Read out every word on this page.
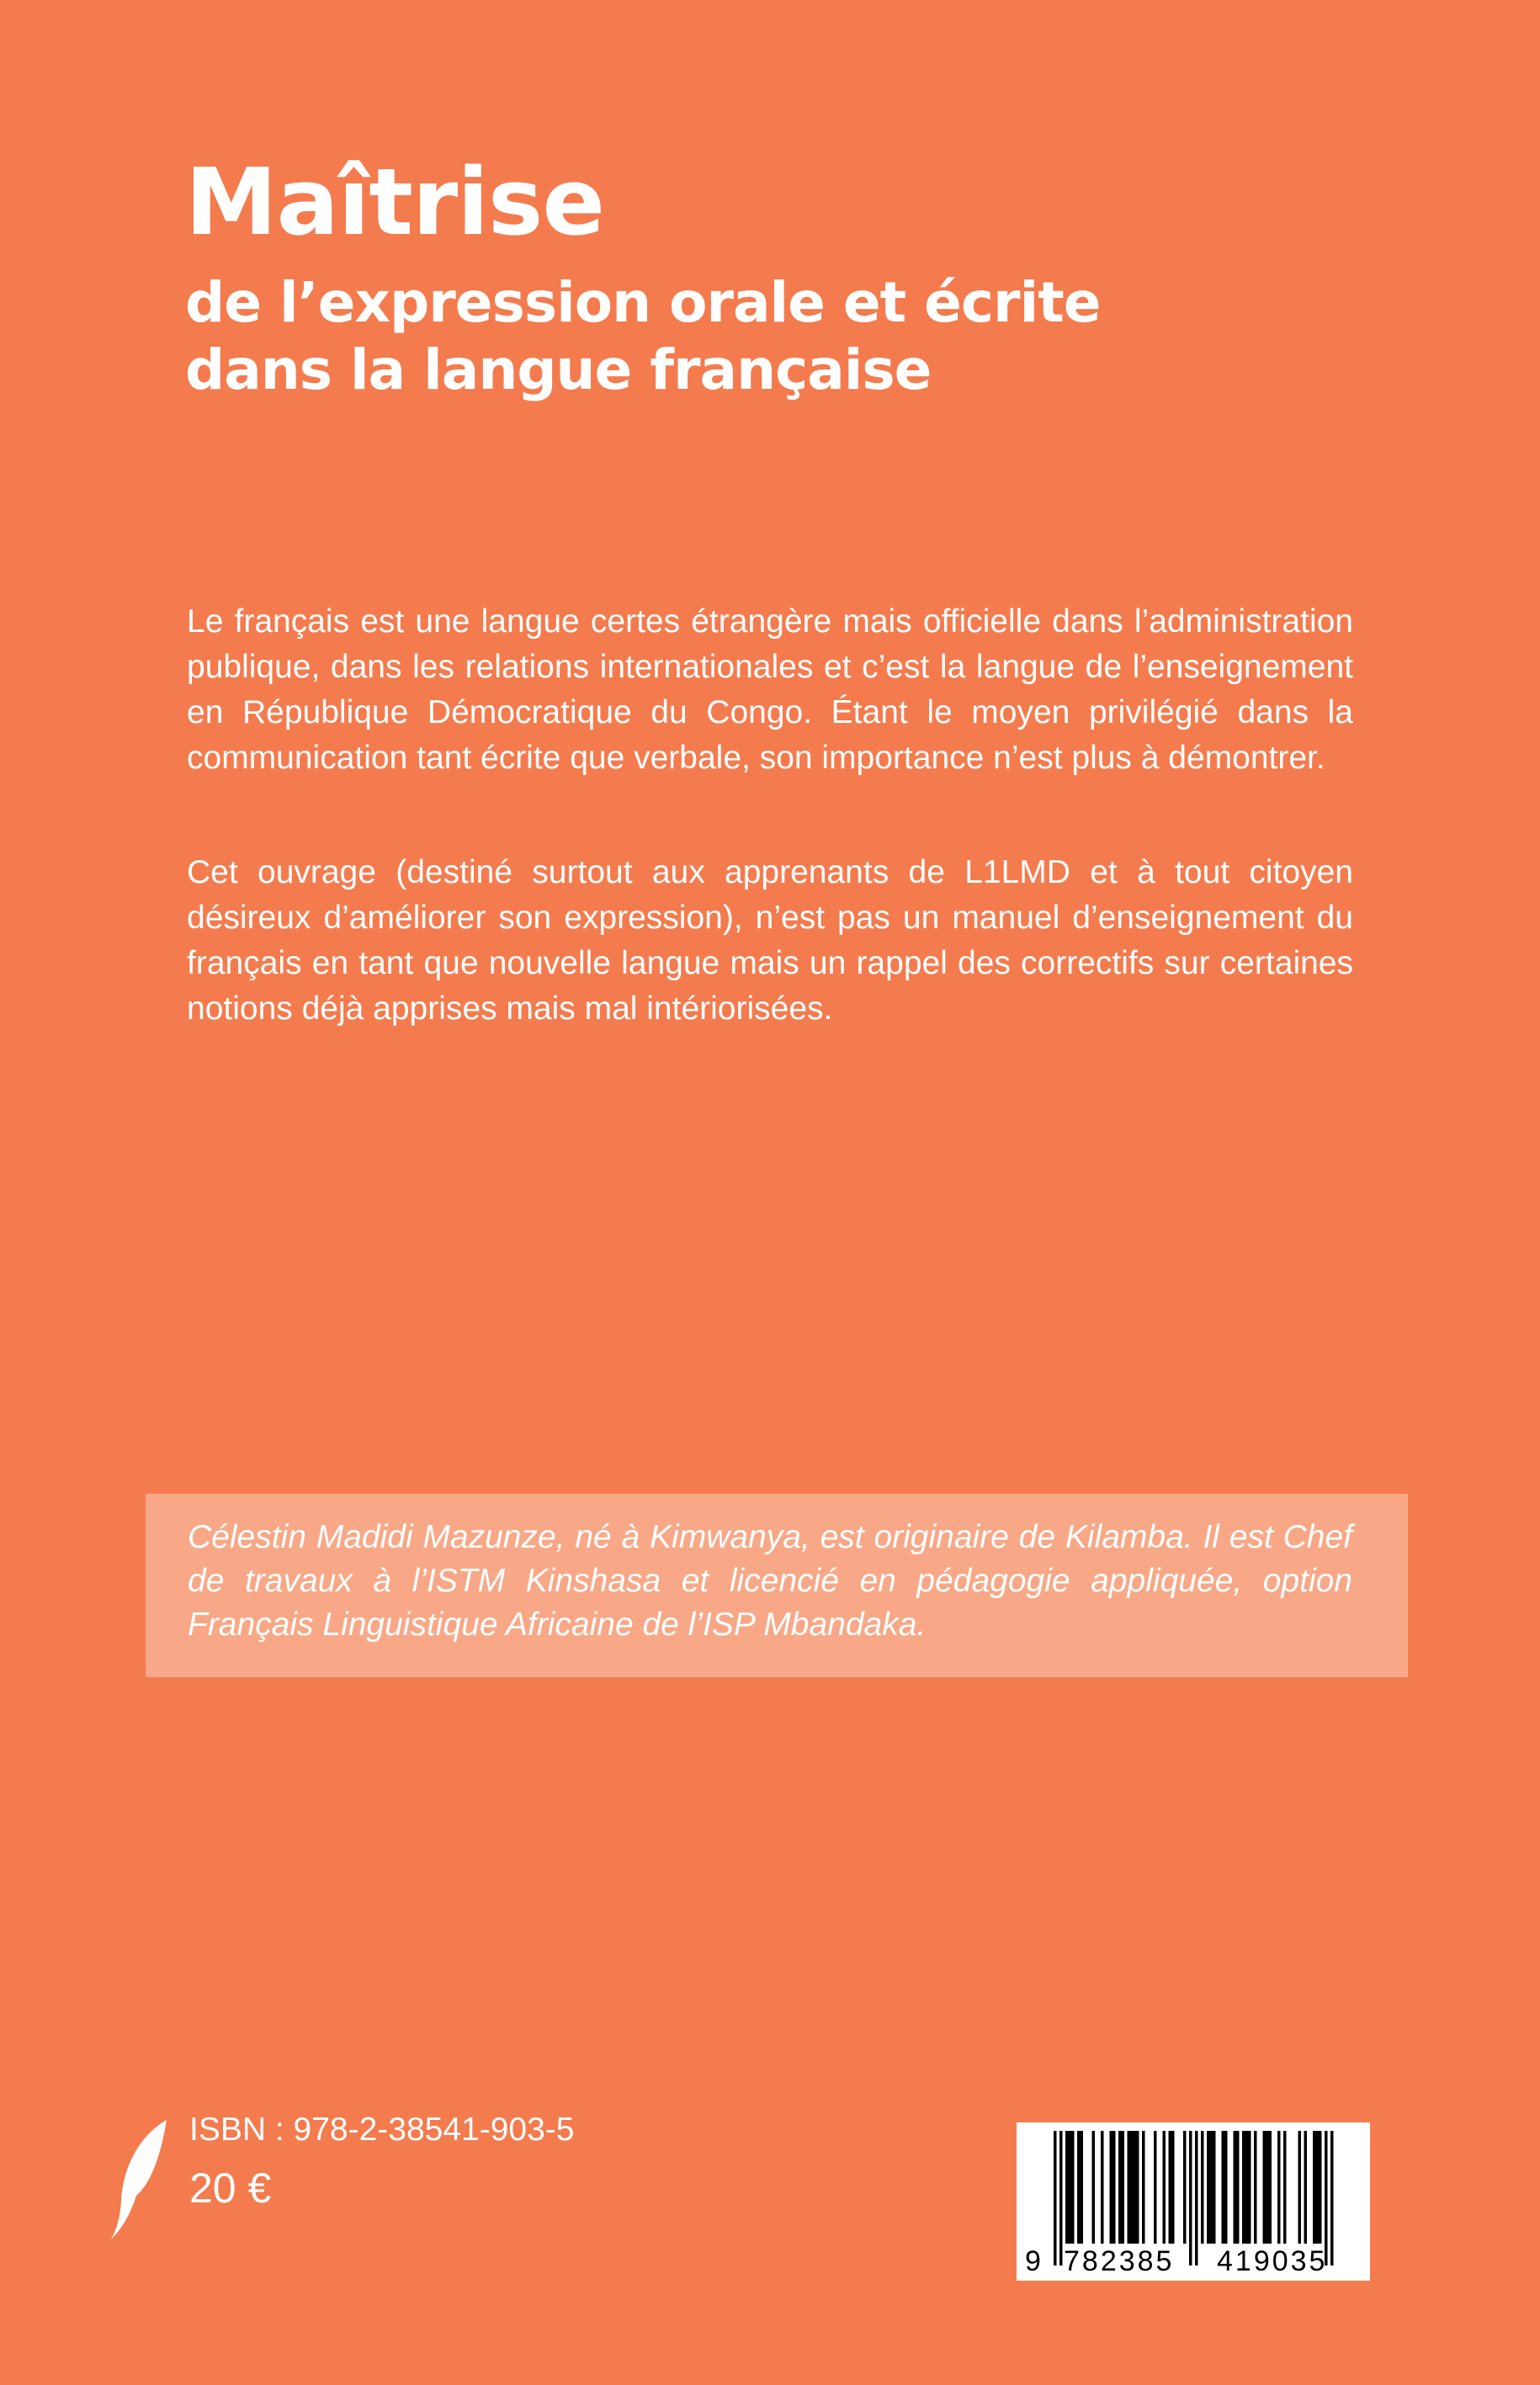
Maîtrise
de l’expression orale et écrite
dans la langue française

Le français est une langue certes étrangère mais officielle dans l’administration publique, dans les relations internationales et c’est la langue de l’enseignement en République Démocratique du Congo. Étant le moyen privilégié dans la communication tant écrite que verbale, son importance n’est plus à démontrer.

Cet ouvrage (destiné surtout aux apprenants de L1LMD et à tout citoyen désireux d’améliorer son expression), n’est pas un manuel d’enseignement du français en tant que nouvelle langue mais un rappel des correctifs sur certaines notions déjà apprises mais mal intériorisées.

Célestin Madidi Mazunze, né à Kimwanya, est originaire de Kilamba. Il est Chef de travaux à l’ISTM Kinshasa et licencié en pédagogie appliquée, option Français Linguistique Africaine de l’ISP Mbandaka.

ISBN : 978-2-38541-903-5
20 €
9 782385 419035
